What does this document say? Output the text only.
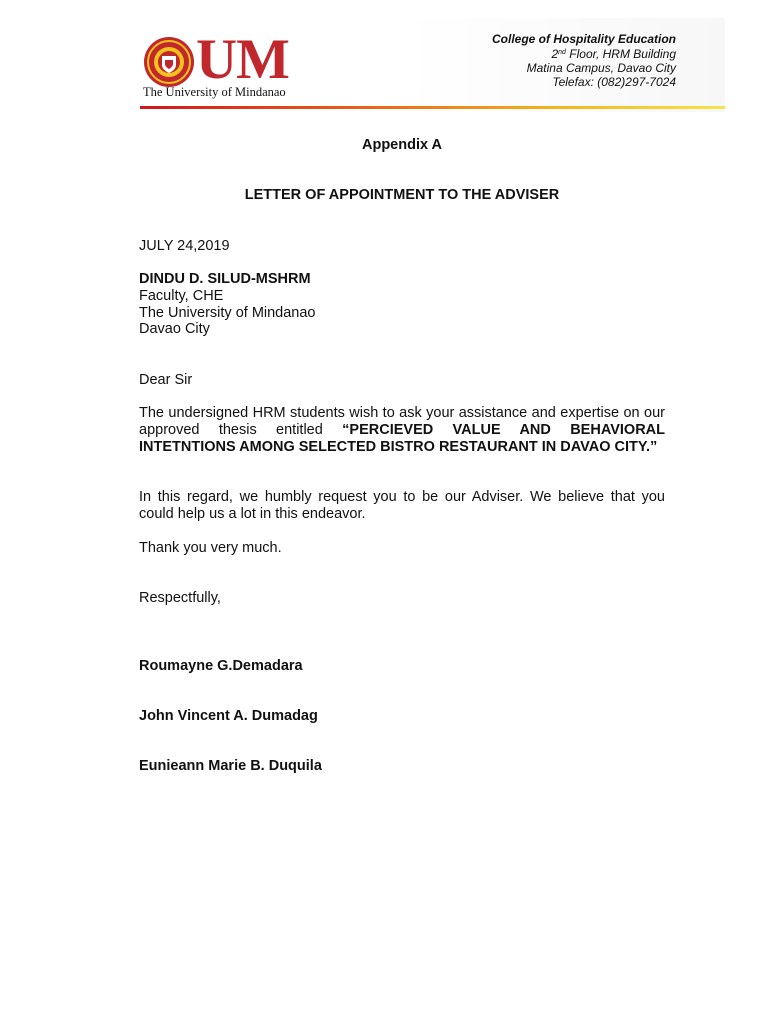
UM
The University of Mindanao
College of Hospitality Education
2nd Floor, HRM Building
Matina Campus, Davao City
Telefax: (082)297-7024
Appendix A
LETTER OF APPOINTMENT TO THE ADVISER
JULY 24,2019
DINDU D. SILUD-MSHRM
Faculty, CHE
The University of Mindanao
Davao City
Dear Sir
The undersigned HRM students wish to ask your assistance and expertise on our approved thesis entitled “PERCIEVED VALUE AND BEHAVIORAL INTETNTIONS AMONG SELECTED BISTRO RESTAURANT IN DAVAO CITY.”
In this regard, we humbly request you to be our Adviser. We believe that you could help us a lot in this endeavor.
Thank you very much.
Respectfully,
Roumayne G.Demadara
John Vincent A. Dumadag
Eunieann Marie B. Duquila
